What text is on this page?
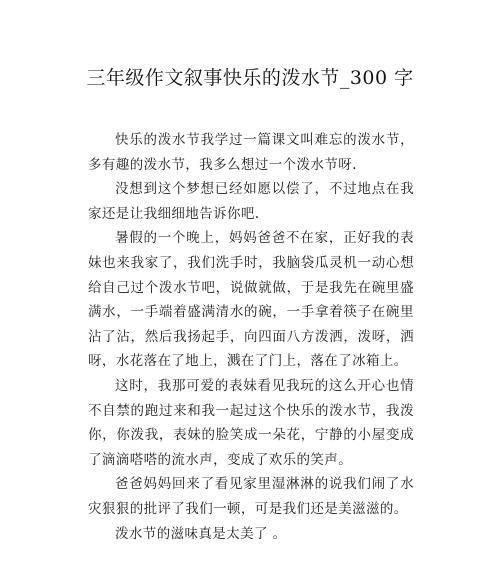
三年级作文叙事快乐的泼水节_300 字

快乐的泼水节我学过一篇课文叫难忘的泼水节，多有趣的泼水节，我多么想过一个泼水节呀.

没想到这个梦想已经如愿以偿了，不过地点在我家还是让我细细地告诉你吧.

暑假的一个晚上，妈妈爸爸不在家，正好我的表妹也来我家了，我们洗手时，我脑袋瓜灵机一动心想给自己过个泼水节吧，说做就做，于是我先在碗里盛满水，一手端着盛满清水的碗，一手拿着筷子在碗里沾了沾，然后我扬起手，向四面八方泼洒，泼呀，洒呀，水花落在了地上，溅在了门上，落在了冰箱上。

这时，我那可爱的表妹看见我玩的这么开心也情不自禁的跑过来和我一起过这个快乐的泼水节，我泼你，你泼我，表妹的脸笑成一朵花，宁静的小屋变成了滴滴嗒嗒的流水声，变成了欢乐的笑声。

爸爸妈妈回来了看见家里湿淋淋的说我们闹了水灾狠狠的批评了我们一顿，可是我们还是美滋滋的。

泼水节的滋味真是太美了 。
